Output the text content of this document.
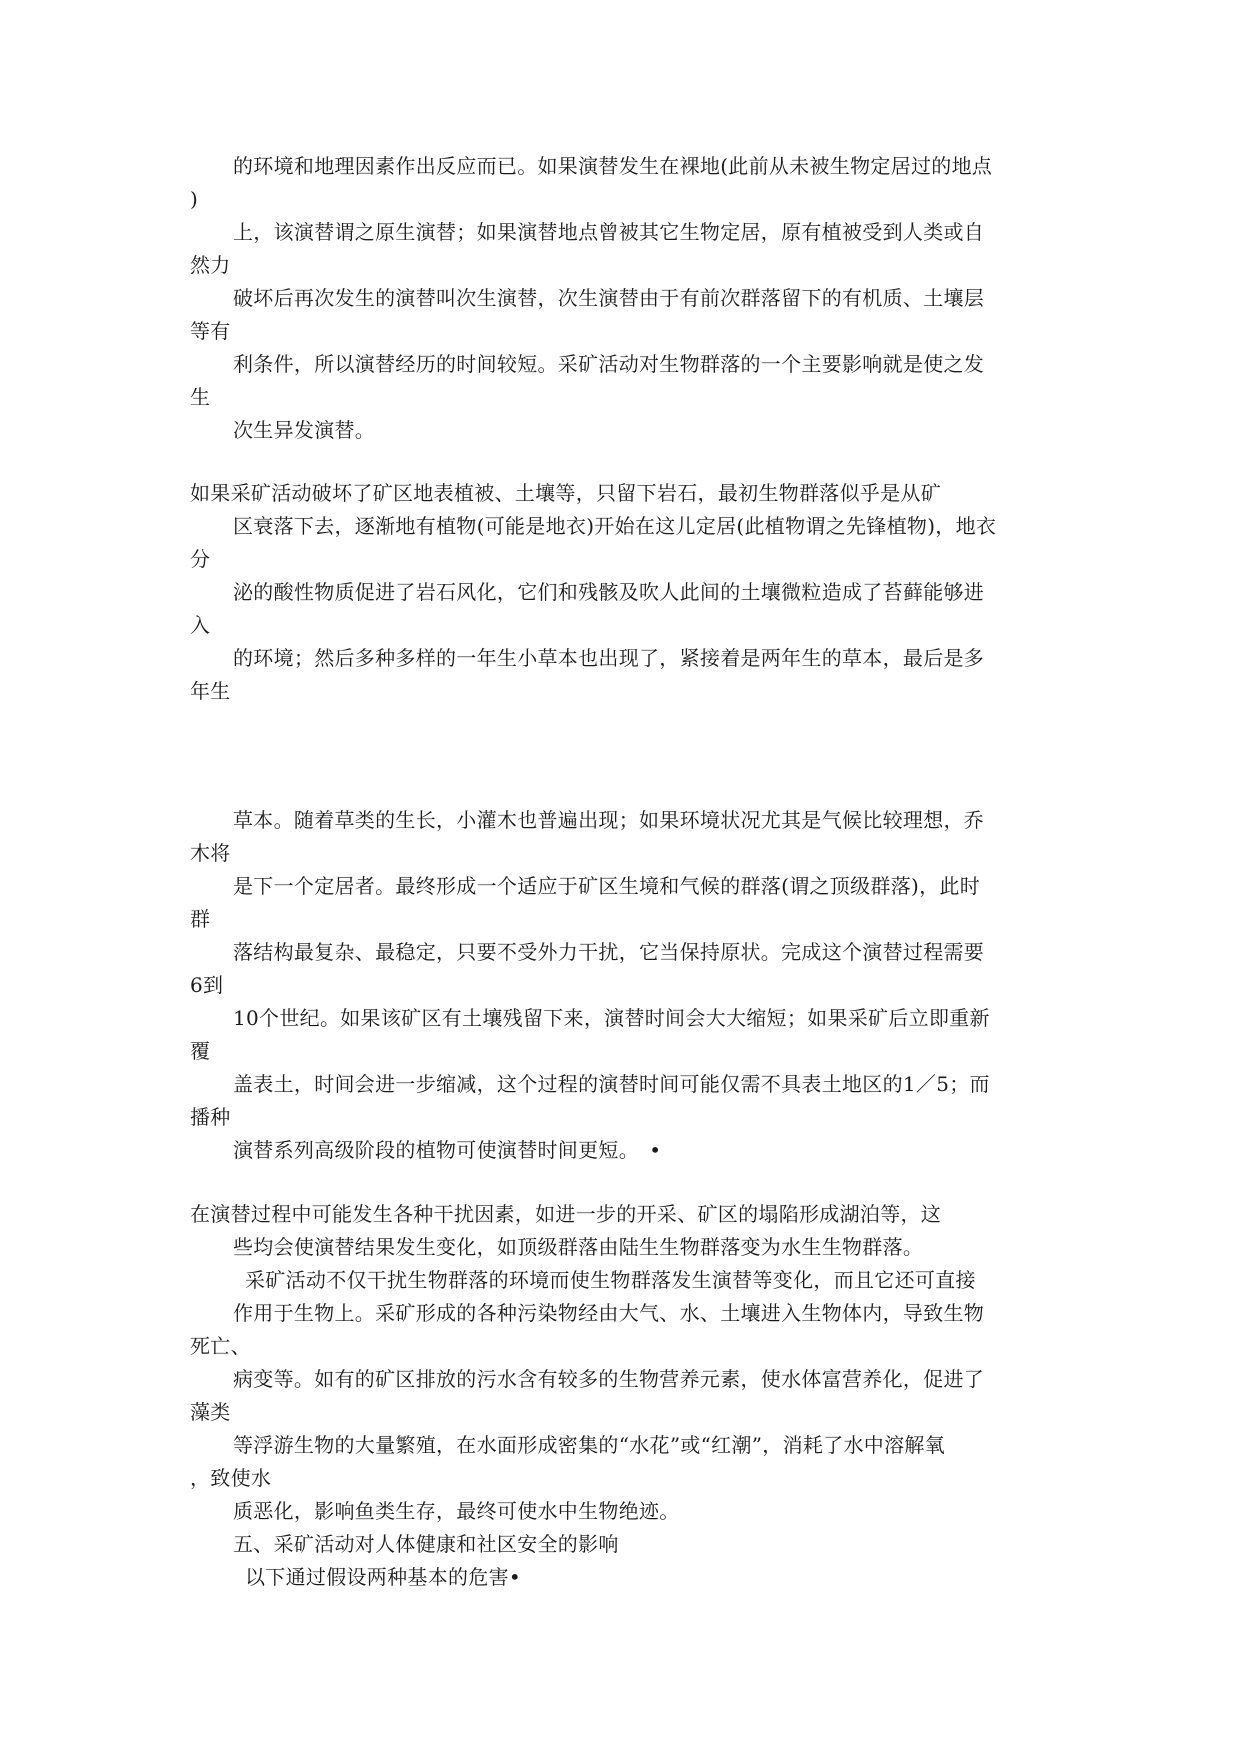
的环境和地理因素作出反应而已。如果演替发生在裸地(此前从未被生物定居过的地点
)
上，该演替谓之原生演替；如果演替地点曾被其它生物定居，原有植被受到人类或自
然力
破坏后再次发生的演替叫次生演替，次生演替由于有前次群落留下的有机质、土壤层
等有
利条件，所以演替经历的时间较短。采矿活动对生物群落的一个主要影响就是使之发
生
次生异发演替。
如果采矿活动破坏了矿区地表植被、土壤等，只留下岩石，最初生物群落似乎是从矿
区衰落下去，逐渐地有植物(可能是地衣)开始在这儿定居(此植物谓之先锋植物)，地衣
分
泌的酸性物质促进了岩石风化，它们和残骸及吹人此间的土壤微粒造成了苔藓能够进
入
的环境；然后多种多样的一年生小草本也出现了，紧接着是两年生的草本，最后是多
年生
草本。随着草类的生长，小灌木也普遍出现；如果环境状况尤其是气候比较理想，乔
木将
是下一个定居者。最终形成一个适应于矿区生境和气候的群落(谓之顶级群落)，此时
群
落结构最复杂、最稳定，只要不受外力干扰，它当保持原状。完成这个演替过程需要
6到
10个世纪。如果该矿区有土壤残留下来，演替时间会大大缩短；如果采矿后立即重新
覆
盖表土，时间会进一步缩减，这个过程的演替时间可能仅需不具表土地区的1／5；而
播种
演替系列高级阶段的植物可使演替时间更短。　•
在演替过程中可能发生各种干扰因素，如进一步的开采、矿区的塌陷形成湖泊等，这
些均会使演替结果发生变化，如顶级群落由陆生生物群落变为水生生物群落。
采矿活动不仅干扰生物群落的环境而使生物群落发生演替等变化，而且它还可直接
作用于生物上。采矿形成的各种污染物经由大气、水、土壤进入生物体内，导致生物
死亡、
病变等。如有的矿区排放的污水含有较多的生物营养元素，使水体富营养化，促进了
藻类
等浮游生物的大量繁殖，在水面形成密集的“水花”或“红潮”，消耗了水中溶解氧
，致使水
质恶化，影响鱼类生存，最终可使水中生物绝迹。
五、采矿活动对人体健康和社区安全的影响
以下通过假设两种基本的危害•
